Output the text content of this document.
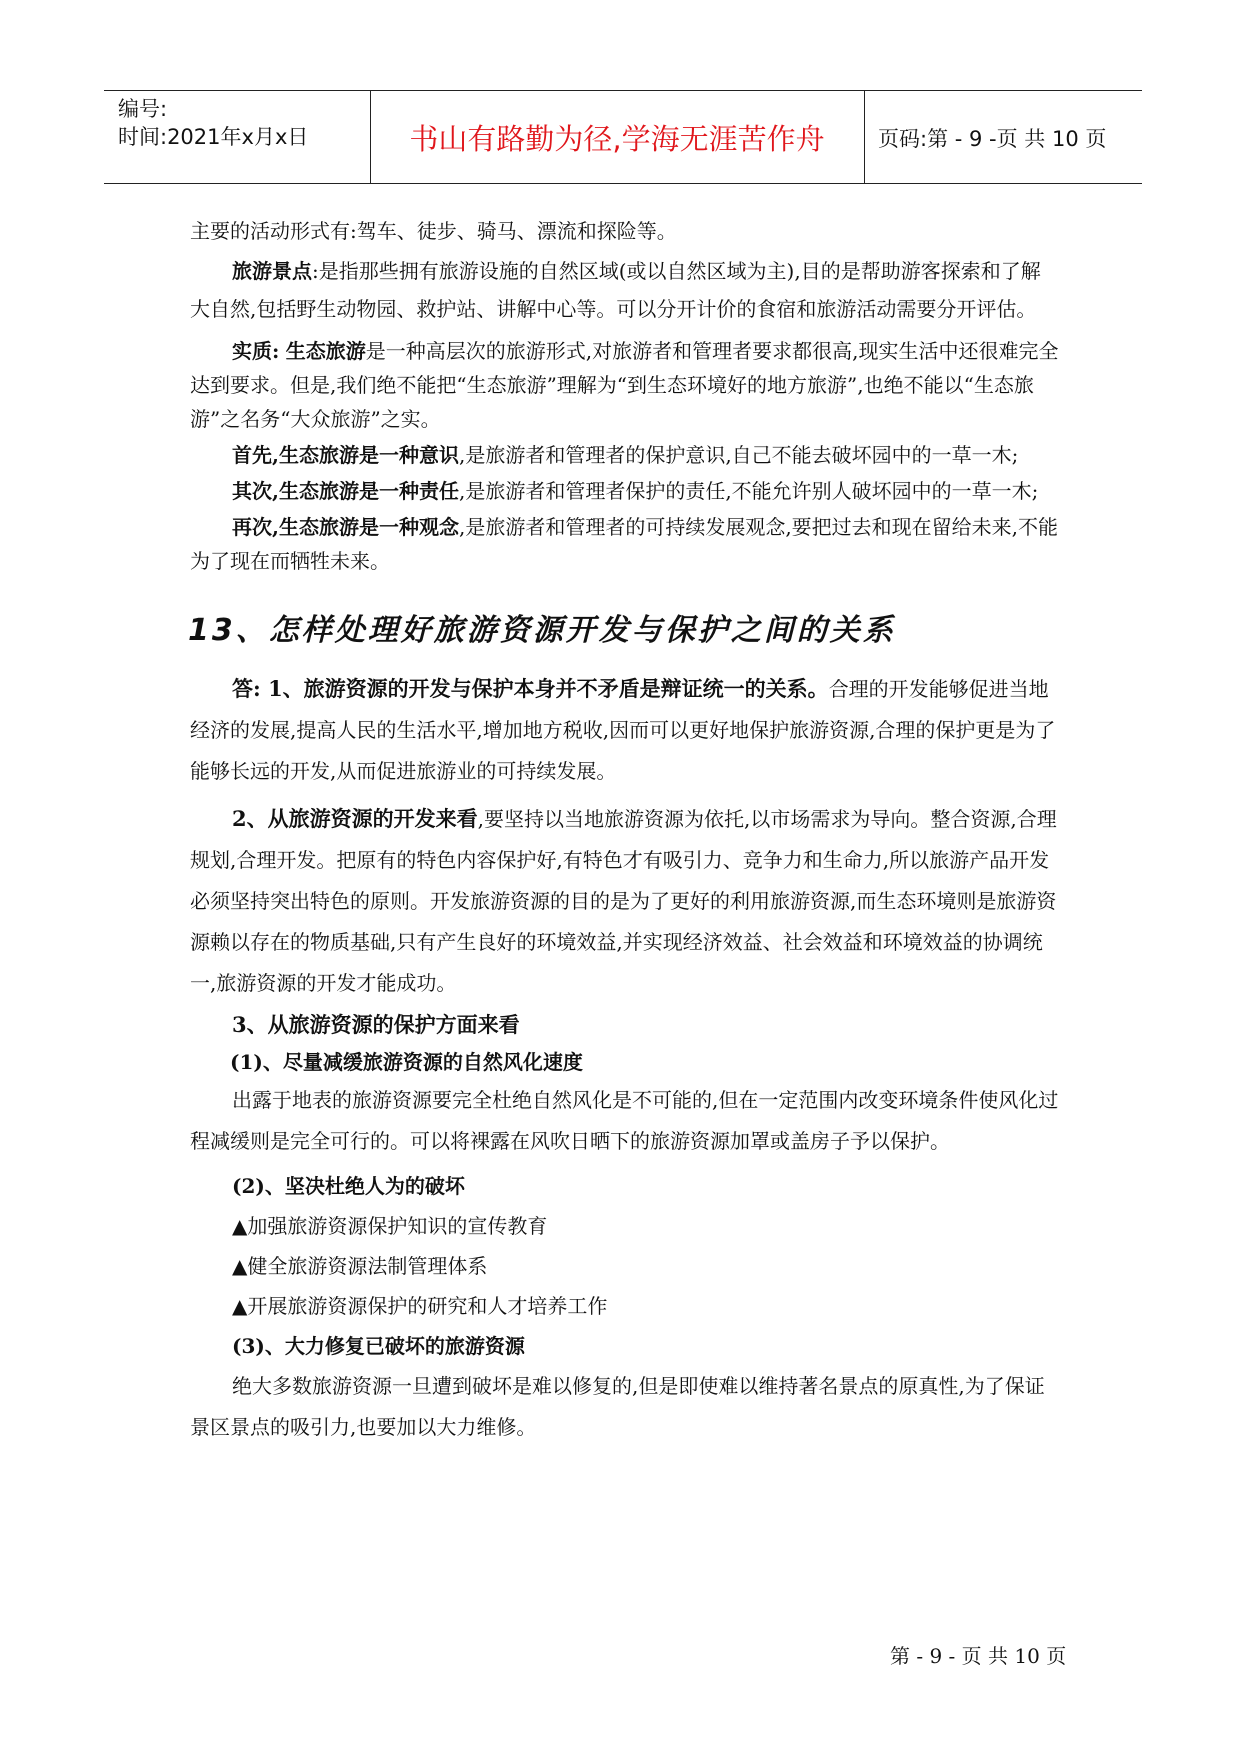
编号:
时间:2021年x月x日	书山有路勤为径,学海无涯苦作舟	页码:第 - 9 -页 共 10 页

主要的活动形式有:驾车、徒步、骑马、漂流和探险等。

旅游景点:是指那些拥有旅游设施的自然区域(或以自然区域为主),目的是帮助游客探索和了解大自然,包括野生动物园、救护站、讲解中心等。可以分开计价的食宿和旅游活动需要分开评估。

实质: 生态旅游是一种高层次的旅游形式,对旅游者和管理者要求都很高,现实生活中还很难完全达到要求。但是,我们绝不能把“生态旅游”理解为“到生态环境好的地方旅游”,也绝不能以“生态旅游”之名务“大众旅游”之实。

首先,生态旅游是一种意识,是旅游者和管理者的保护意识,自己不能去破坏园中的一草一木;

其次,生态旅游是一种责任,是旅游者和管理者保护的责任,不能允许别人破坏园中的一草一木;

再次,生态旅游是一种观念,是旅游者和管理者的可持续发展观念,要把过去和现在留给未来,不能为了现在而牺牲未来。

13、怎样处理好旅游资源开发与保护之间的关系

答: 1、旅游资源的开发与保护本身并不矛盾是辩证统一的关系。合理的开发能够促进当地经济的发展,提高人民的生活水平,增加地方税收,因而可以更好地保护旅游资源,合理的保护更是为了能够长远的开发,从而促进旅游业的可持续发展。

2、从旅游资源的开发来看,要坚持以当地旅游资源为依托,以市场需求为导向。整合资源,合理规划,合理开发。把原有的特色内容保护好,有特色才有吸引力、竞争力和生命力,所以旅游产品开发必须坚持突出特色的原则。开发旅游资源的目的是为了更好的利用旅游资源,而生态环境则是旅游资源赖以存在的物质基础,只有产生良好的环境效益,并实现经济效益、社会效益和环境效益的协调统一,旅游资源的开发才能成功。

3、从旅游资源的保护方面来看

(1)、尽量减缓旅游资源的自然风化速度

出露于地表的旅游资源要完全杜绝自然风化是不可能的,但在一定范围内改变环境条件使风化过程减缓则是完全可行的。可以将裸露在风吹日晒下的旅游资源加罩或盖房子予以保护。

(2)、坚决杜绝人为的破坏

▲加强旅游资源保护知识的宣传教育

▲健全旅游资源法制管理体系

▲开展旅游资源保护的研究和人才培养工作

(3)、大力修复已破坏的旅游资源

绝大多数旅游资源一旦遭到破坏是难以修复的,但是即使难以维持著名景点的原真性,为了保证景区景点的吸引力,也要加以大力维修。

第 - 9 - 页 共 10 页
